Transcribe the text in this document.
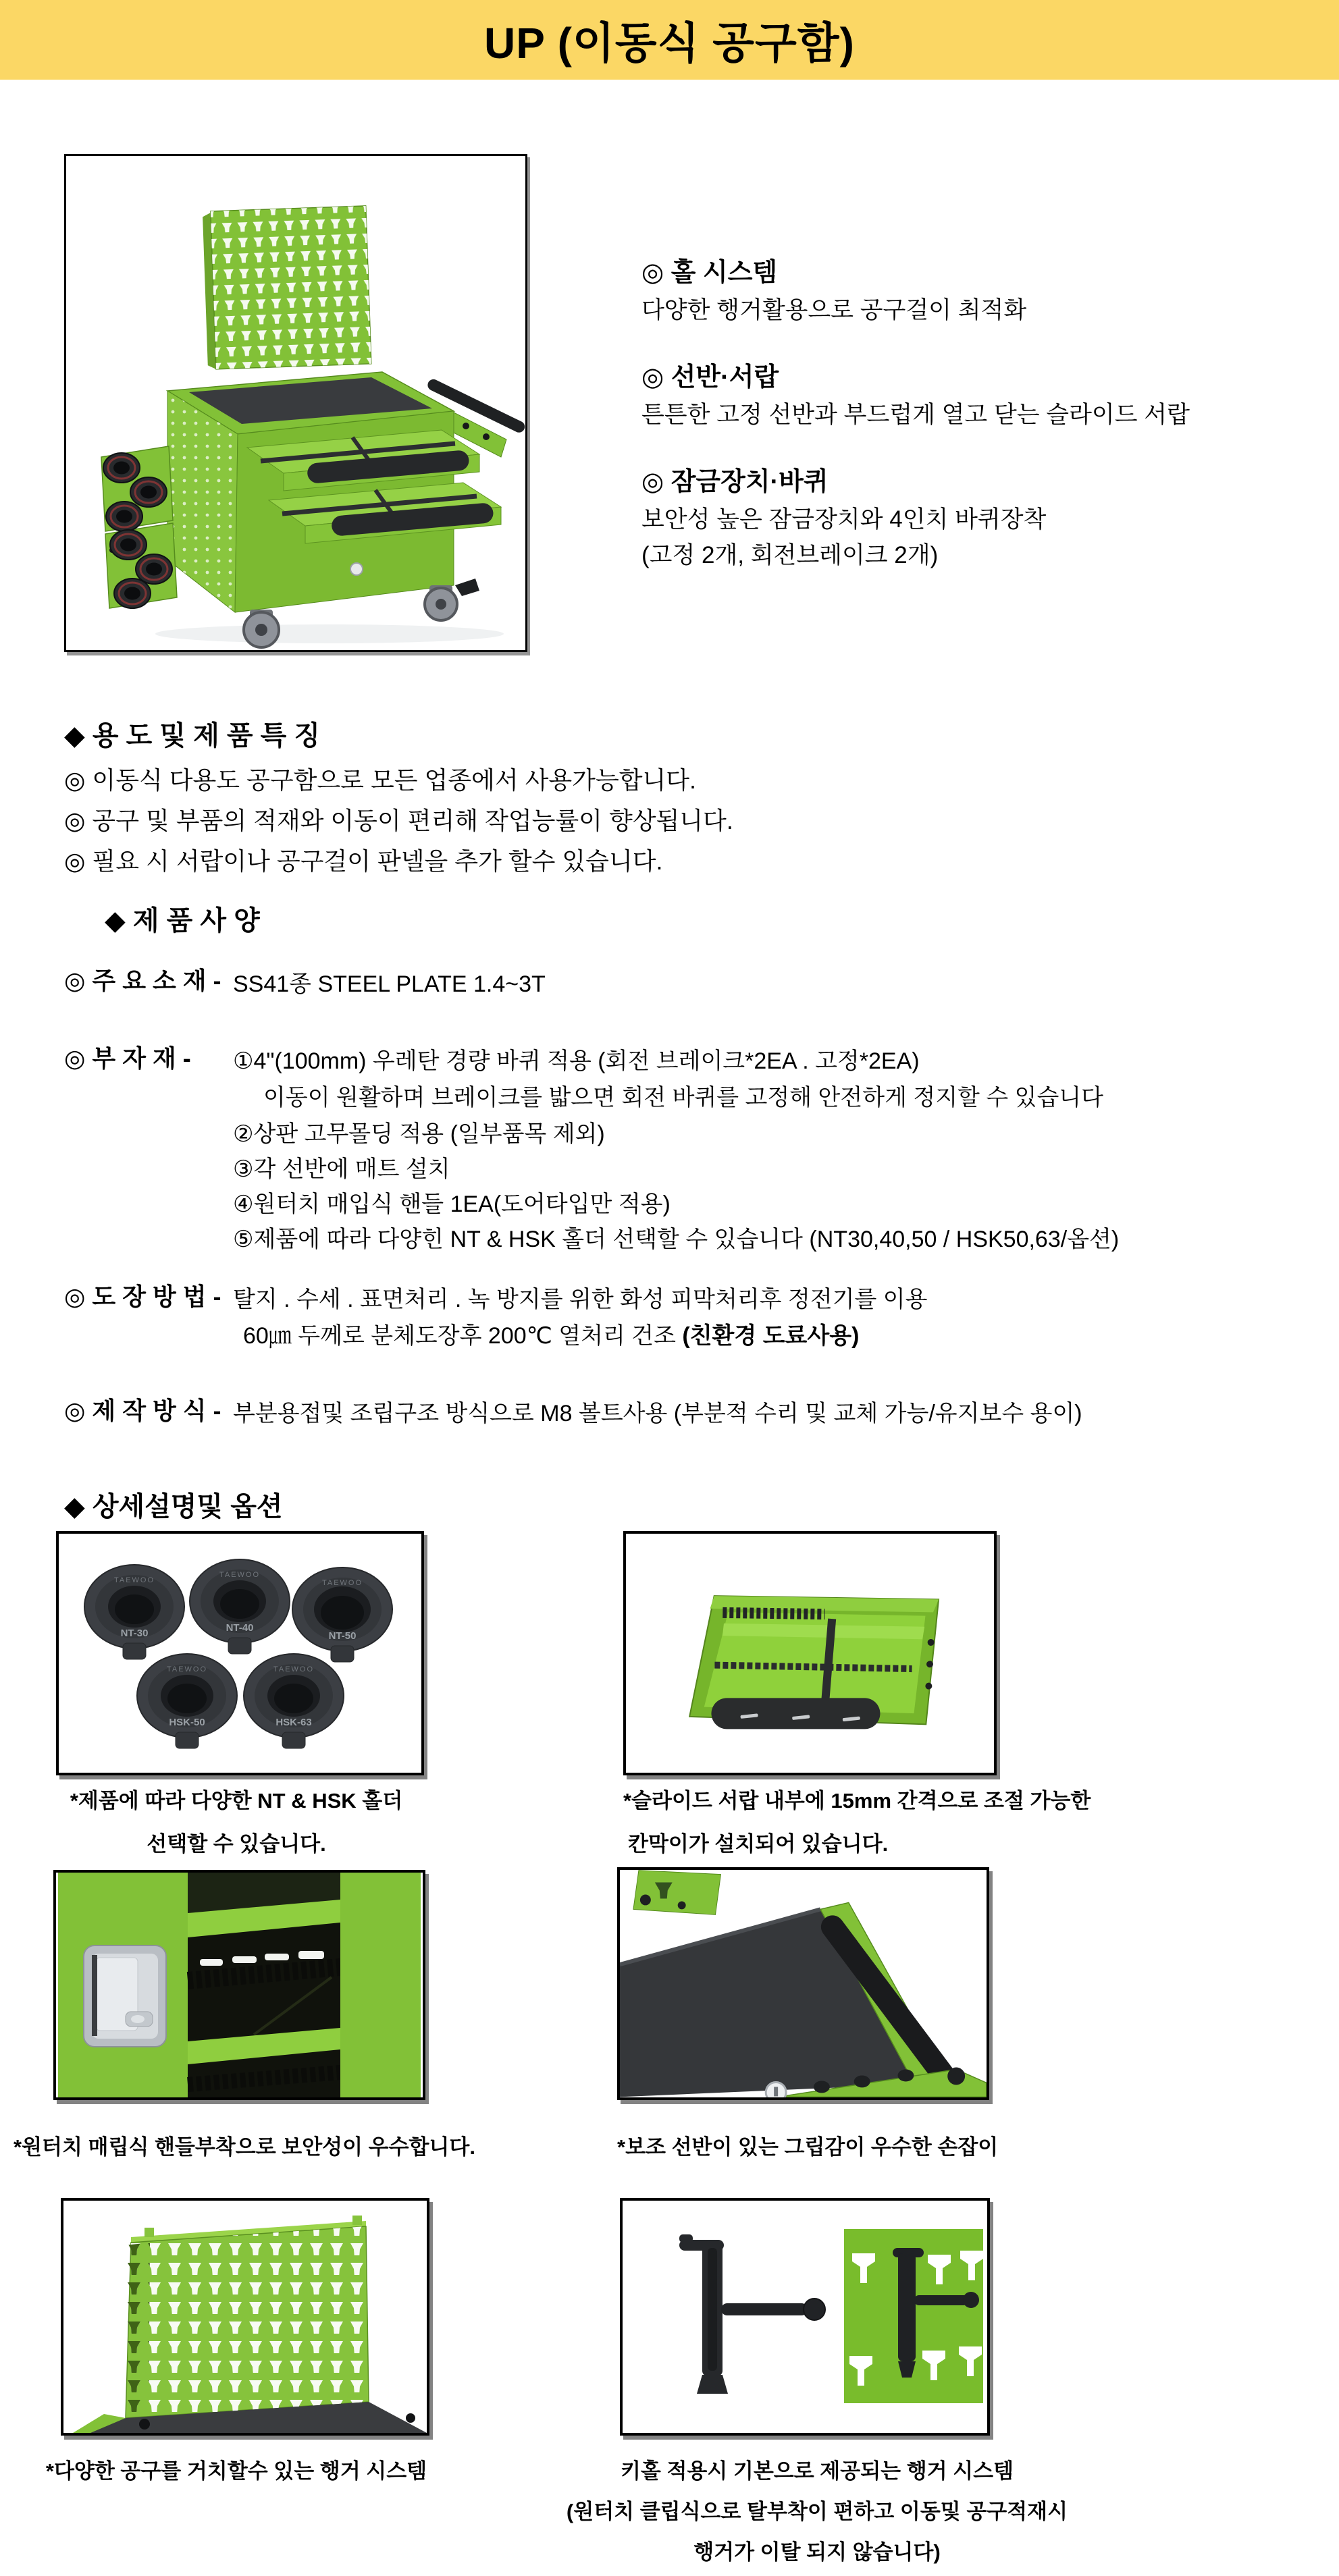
UP (이동식 공구함)
◎ 홀 시스템
다양한 행거활용으로 공구걸이 최적화
◎ 선반·서랍
튼튼한 고정 선반과 부드럽게 열고 닫는 슬라이드 서랍
◎ 잠금장치·바퀴
보안성 높은 잠금장치와 4인치 바퀴장착
(고정 2개, 회전브레이크 2개)
◆ 용 도 및 제 품 특 징
◎ 이동식 다용도 공구함으로 모든 업종에서 사용가능합니다.
◎ 공구 및 부품의 적재와 이동이 편리해 작업능률이 향상됩니다.
◎ 필요 시 서랍이나 공구걸이 판넬을 추가 할수 있습니다.
◆ 제 품 사 양
◎ 주 요 소 재 - SS41종 STEEL PLATE 1.4~3T
◎ 부 자 재 - ①4"(100mm) 우레탄 경량 바퀴 적용 (회전 브레이크*2EA . 고정*2EA)
이동이 원활하며 브레이크를 밟으면 회전 바퀴를 고정해 안전하게 정지할 수 있습니다
②상판 고무몰딩 적용 (일부품목 제외)
③각 선반에 매트 설치
④원터치 매입식 핸들 1EA(도어타입만 적용)
⑤제품에 따라 다양힌 NT & HSK 홀더 선택할 수 있습니다 (NT30,40,50 / HSK50,63/옵션)
◎ 도 장 방 법 - 탈지 . 수세 . 표면처리 . 녹 방지를 위한 화성 피막처리후 정전기를 이용
60㎛ 두께로 분체도장후 200℃ 열처리 건조 (친환경 도료사용)
◎ 제 작 방 식 - 부분용접및 조립구조 방식으로 M8 볼트사용 (부분적 수리 및 교체 가능/유지보수 용이)
◆ 상세설명및 옵션
TAEWOO
NT-30
TAEWOO
NT-40
TAEWOO
NT-50
TAEWOO
HSK-50
TAEWOO
HSK-63
*제품에 따라 다양한 NT & HSK 홀더
선택할 수 있습니다.
*슬라이드 서랍 내부에 15mm 간격으로 조절 가능한
칸막이가 설치되어 있습니다.
*원터치 매립식 핸들부착으로 보안성이 우수합니다.	*보조 선반이 있는 그립감이 우수한 손잡이
*다양한 공구를 거치할수 있는 행거 시스템	키홀 적용시 기본으로 제공되는 행거 시스템
(원터치 클립식으로 탈부착이 편하고 이동및 공구적재시
행거가 이탈 되지 않습니다)
